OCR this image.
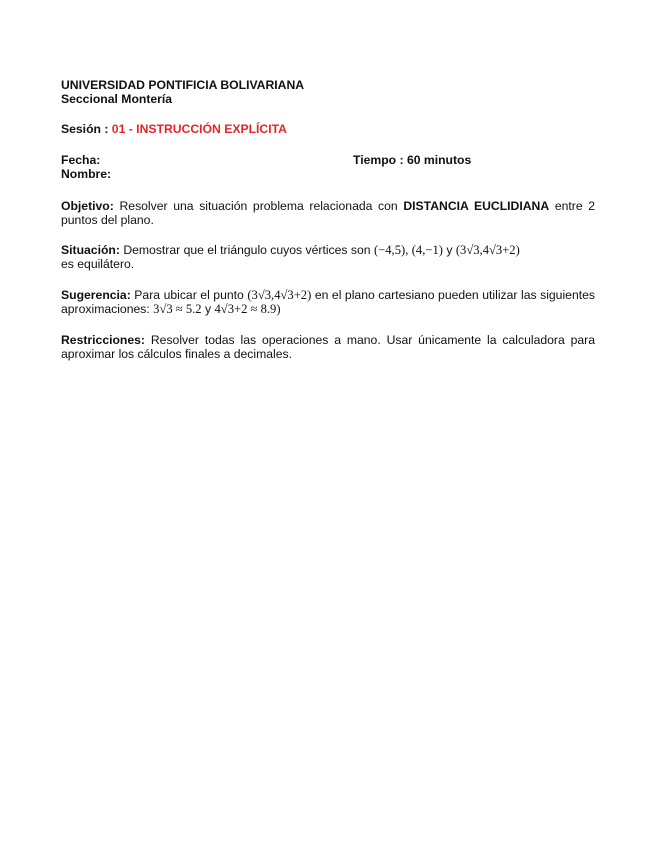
UNIVERSIDAD PONTIFICIA BOLIVARIANA

Seccional Montería

Sesión : 01 - INSTRUCCIÓN EXPLÍCITA

Fecha:	Tiempo : 60 minutos

Nombre:

Objetivo: Resolver una situación problema relacionada con DISTANCIA EUCLIDIANA entre 2 puntos del plano.

Situación: Demostrar que el triángulo cuyos vértices son (−4,5), (4,−1) y (3√3,4√3+2)
es equilátero.

Sugerencia: Para ubicar el punto (3√3,4√3+2) en el plano cartesiano pueden utilizar las siguientes aproximaciones: 3√3 ≈ 5.2 y 4√3+2 ≈ 8.9)

Restricciones: Resolver todas las operaciones a mano. Usar únicamente la calculadora para aproximar los cálculos finales a decimales.
